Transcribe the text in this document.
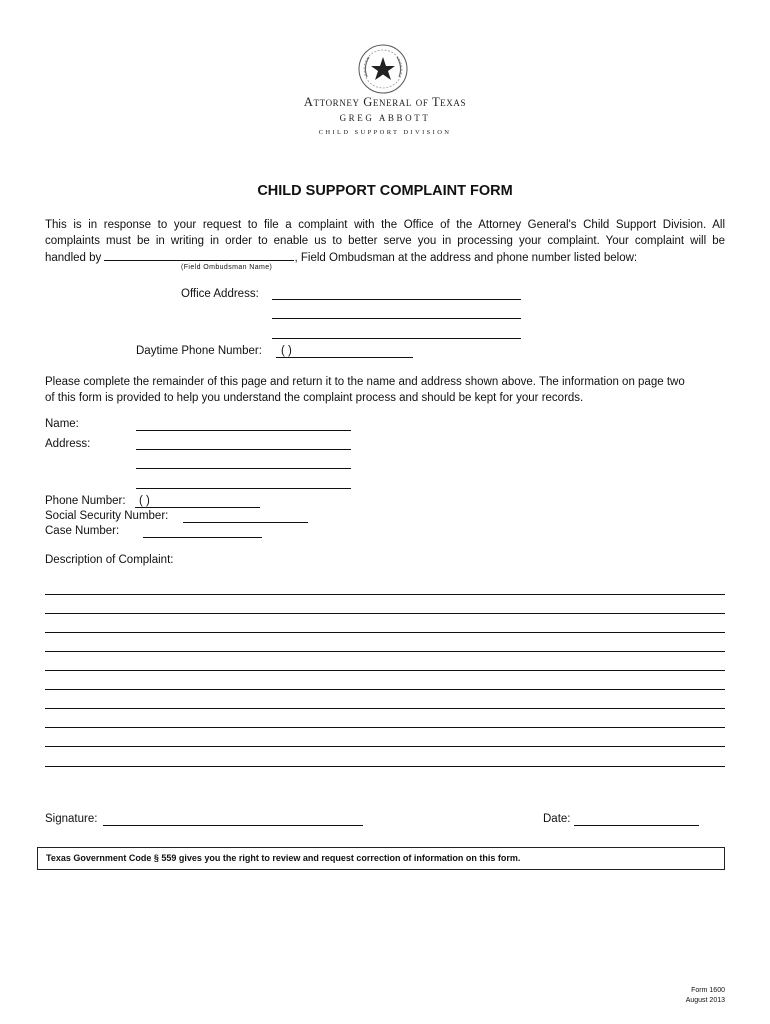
Attorney General of Texas
GREG ABBOTT
CHILD SUPPORT DIVISION
CHILD SUPPORT COMPLAINT FORM
This is in response to your request to file a complaint with the Office of the Attorney General's Child Support Division. All
complaints must be in writing in order to enable us to better serve you in processing your complaint. Your complaint will be
handled by	, Field Ombudsman at the address and phone number listed below:
(Field Ombudsman Name)
Office Address:
Daytime Phone Number: ( )
Please complete the remainder of this page and return it to the name and address shown above. The information on page two
of this form is provided to help you understand the complaint process and should be kept for your records.
Name:
Address:
Phone Number: ( )
Social Security Number:
Case Number:
Description of Complaint:
Signature:	Date:
Texas Government Code § 559 gives you the right to review and request correction of information on this form.
Form 1600
August 2013
